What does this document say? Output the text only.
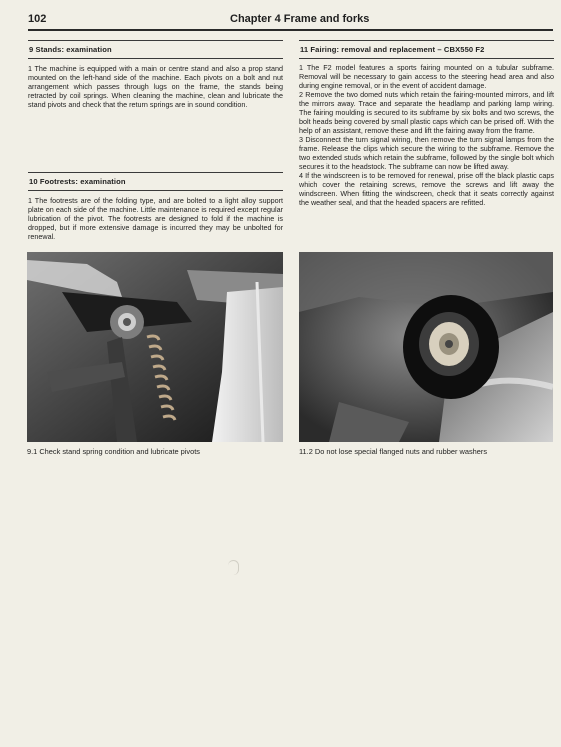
102	Chapter 4 Frame and forks
9 Stands: examination

1 The machine is equipped with a main or centre stand and also a prop stand mounted on the left-hand side of the machine. Each pivots on a bolt and nut arrangement which passes through lugs on the frame, the stands being retracted by coil springs. When cleaning the machine, clean and lubricate the stand pivots and check that the return springs are in sound condition.

10 Footrests: examination

1 The footrests are of the folding type, and are bolted to a light alloy support plate on each side of the machine. Little maintenance is required except regular lubrication of the pivot. The footrests are designed to fold if the machine is dropped, but if more extensive damage is incurred they may be unbolted for renewal.

11 Fairing: removal and replacement – CBX550 F2

1 The F2 model features a sports fairing mounted on a tubular subframe. Removal will be necessary to gain access to the steering head area and also during engine removal, or in the event of accident damage.

2 Remove the two domed nuts which retain the fairing-mounted mirrors, and lift the mirrors away. Trace and separate the headlamp and parking lamp wiring. The fairing moulding is secured to its subframe by six bolts and two screws, the bolt heads being covered by small plastic caps which can be prised off. With the help of an assistant, remove these and lift the fairing away from the frame.

3 Disconnect the turn signal wiring, then remove the turn signal lamps from the frame. Release the clips which secure the wiring to the subframe. Remove the two extended studs which retain the subframe, followed by the single bolt which secures it to the headstock. The subframe can now be lifted away.

4 If the windscreen is to be removed for renewal, prise off the black plastic caps which cover the retaining screws, remove the screws and lift away the windscreen. When fitting the windscreen, check that it seats correctly against the weather seal, and that the headed spacers are refitted.

9.1 Check stand spring condition and lubricate pivots	11.2 Do not lose special flanged nuts and rubber washers
